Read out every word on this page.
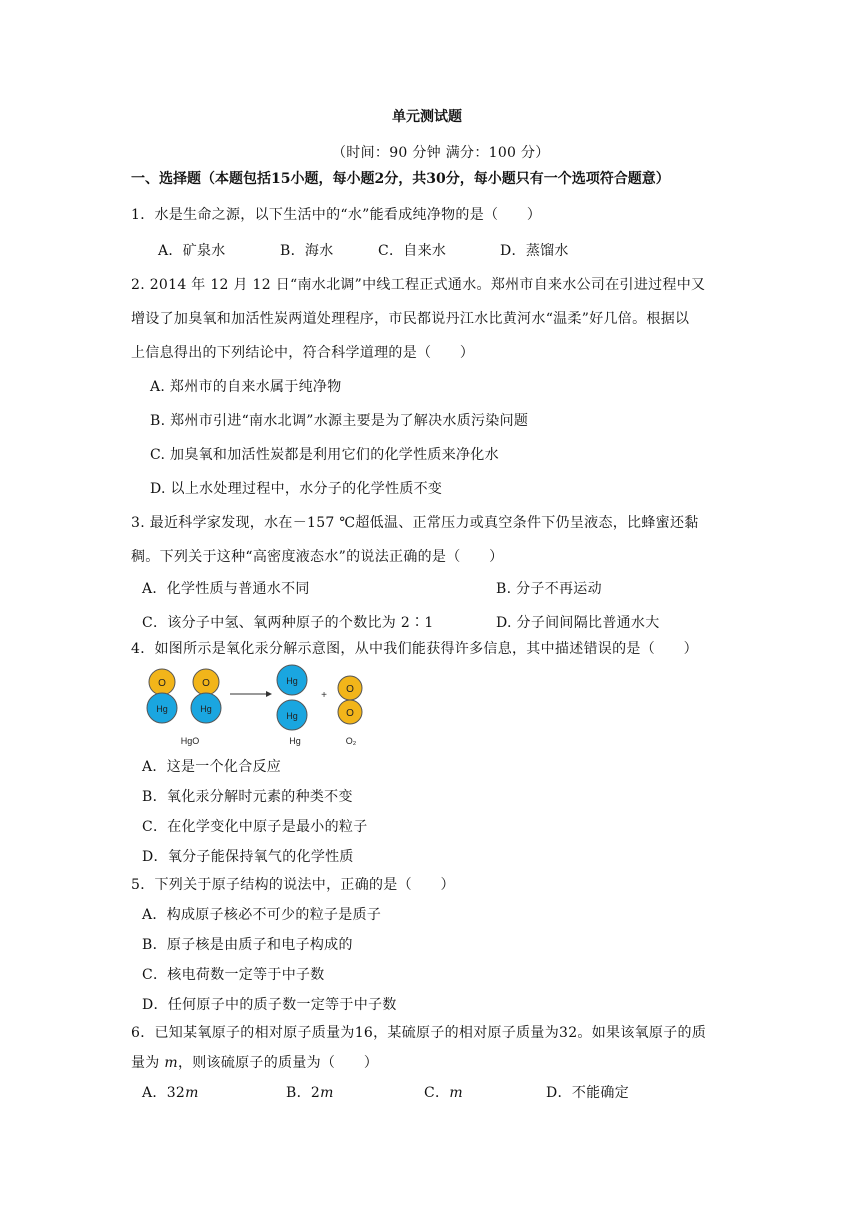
单元测试题
（时间：90 分钟 满分：100 分）
一、选择题（本题包括15小题，每小题2分，共30分，每小题只有一个选项符合题意）
1．水是生命之源，以下生活中的“水”能看成纯净物的是（　　）
A．矿泉水	B．海水	C．自来水	D．蒸馏水
2. 2014 年 12 月 12 日“南水北调”中线工程正式通水。郑州市自来水公司在引进过程中又
增设了加臭氧和加活性炭两道处理程序，市民都说丹江水比黄河水“温柔”好几倍。根据以
上信息得出的下列结论中，符合科学道理的是（　　）
A. 郑州市的自来水属于纯净物
B. 郑州市引进“南水北调”水源主要是为了解决水质污染问题
C. 加臭氧和加活性炭都是利用它们的化学性质来净化水
D. 以上水处理过程中，水分子的化学性质不变
3. 最近科学家发现，水在－157 ℃超低温、正常压力或真空条件下仍呈液态，比蜂蜜还黏
稠。下列关于这种“高密度液态水”的说法正确的是（　　）
A．化学性质与普通水不同	B. 分子不再运动
C．该分子中氢、氧两种原子的个数比为 2∶1	D. 分子间间隔比普通水大
4．如图所示是氧化汞分解示意图，从中我们能获得许多信息，其中描述错误的是（　　）
O
Hg
O
Hg
Hg
Hg
+
O
O
HgO	Hg	O₂
A．这是一个化合反应
B．氧化汞分解时元素的种类不变
C．在化学变化中原子是最小的粒子
D．氧分子能保持氧气的化学性质
5．下列关于原子结构的说法中，正确的是（　　）
A．构成原子核必不可少的粒子是质子
B．原子核是由质子和电子构成的
C．核电荷数一定等于中子数
D．任何原子中的质子数一定等于中子数
6．已知某氧原子的相对原子质量为16，某硫原子的相对原子质量为32。如果该氧原子的质
量为 m，则该硫原子的质量为（　　）
A．32m	B．2m	C．m	D．不能确定
